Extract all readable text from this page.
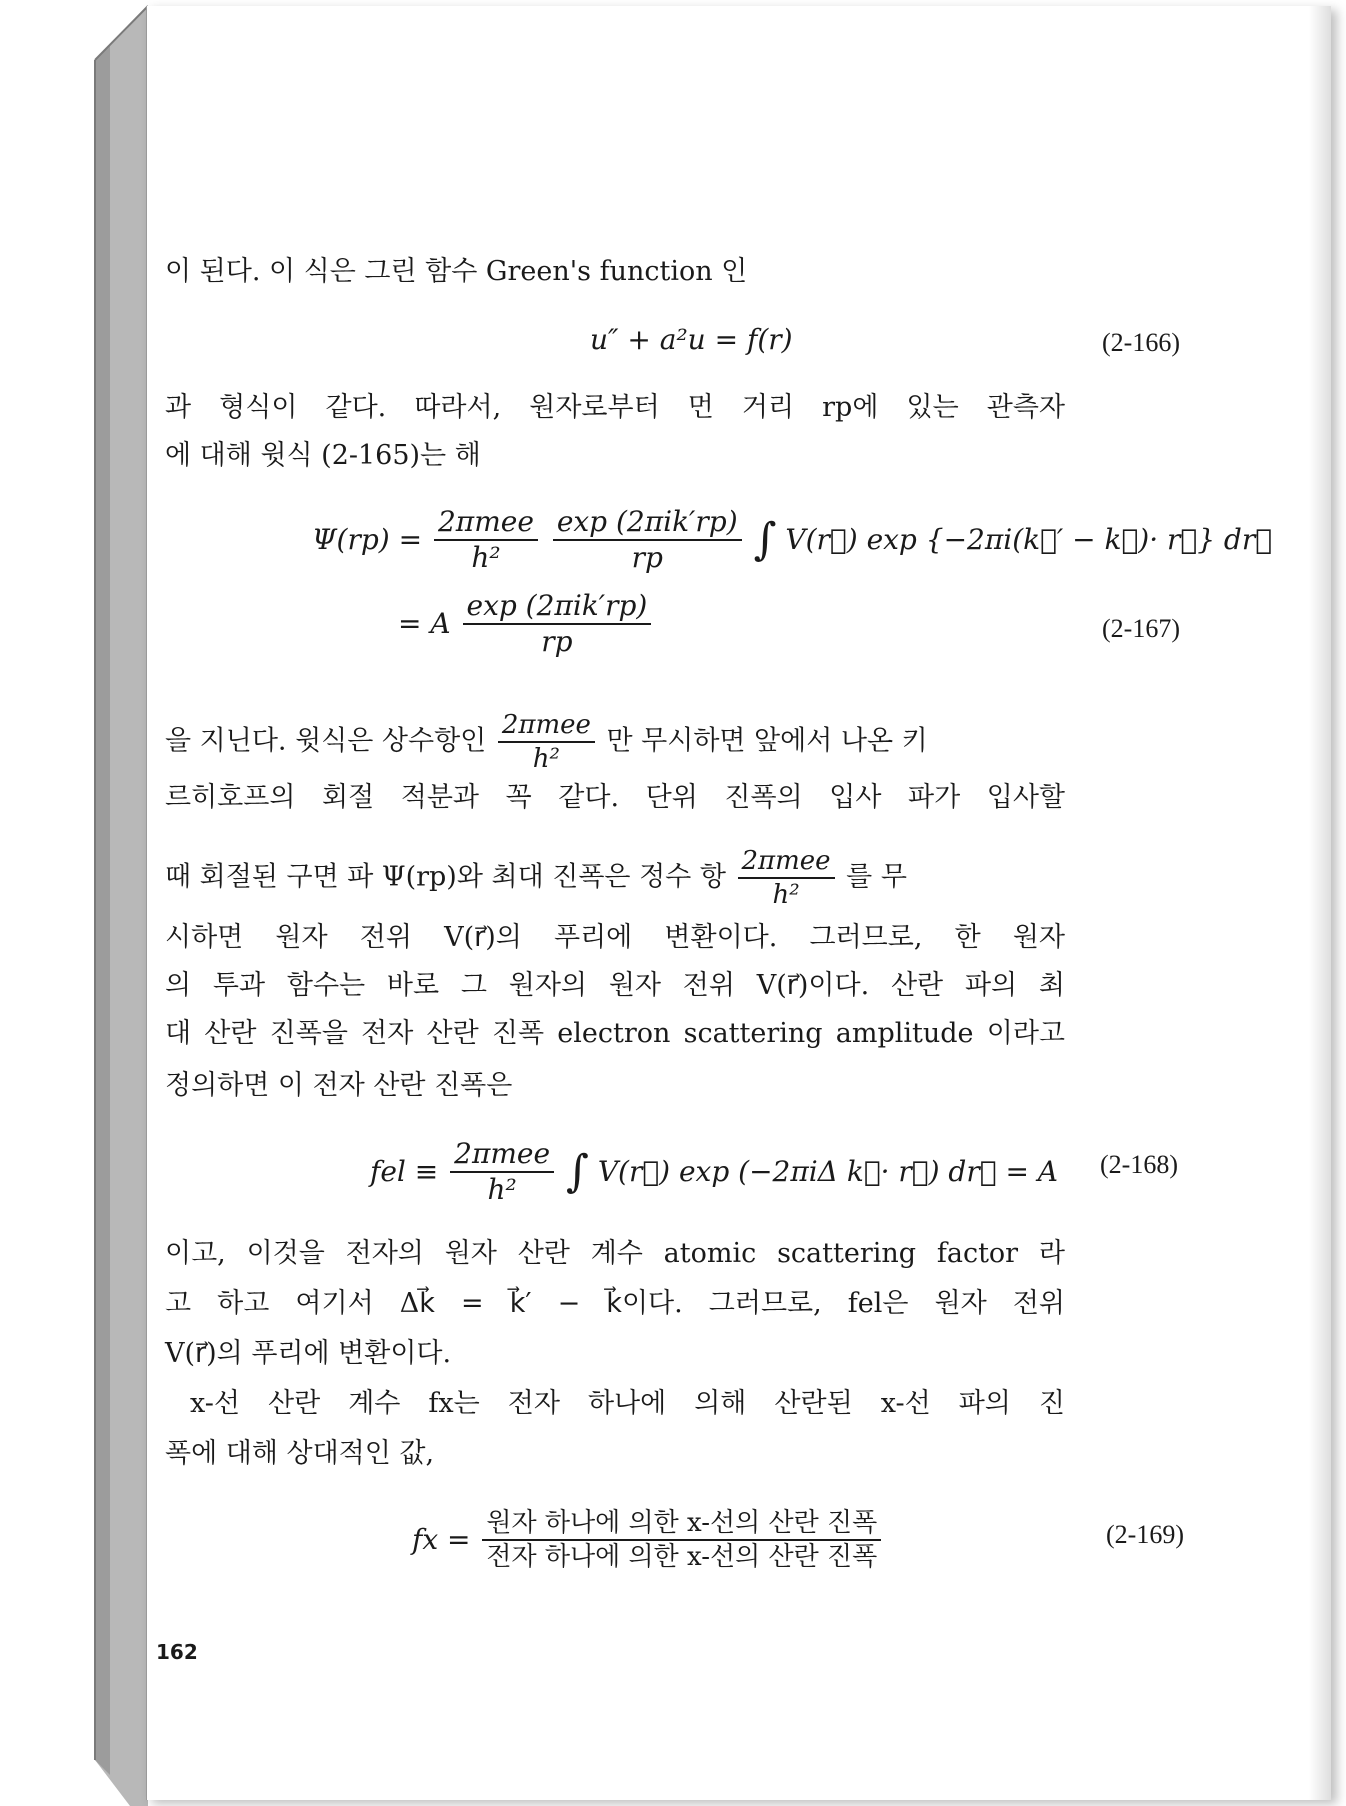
이 된다. 이 식은 그린 함수 Green's function 인
u″ + a²u = f(r)	(2-166)
과 형식이 같다. 따라서, 원자로부터 먼 거리 rp에 있는 관측자
에 대해 윗식 (2-165)는 해
$\Psi(rp) = \frac{\text{2πmee}}{\text{h²}}$
$\frac{\text{exp (2πik′rp)}}{rp}$ ∫ V(r⃗) exp {−2πi(k⃗′ − k⃗)· r⃗} dr⃗
= A $\frac{\text{exp (2πik′rp)}}{rp}$	(2-167)
을 지닌다. 윗식은 상수항인 $\frac{\text{2πmee}}{\text{h²}}$ 만 무시하면 앞에서 나온 키
르히호프의 회절 적분과 꼭 같다. 단위 진폭의 입사 파가 입사할
때 회절된 구면 파 Ψ(rp)와 최대 진폭은 정수 항 $\frac{\text{2πmee}}{\text{h²}}$ 를 무
시하면 원자 전위 V(r⃗)의 푸리에 변환이다. 그러므로, 한 원자
의 투과 함수는 바로 그 원자의 원자 전위 V(r⃗)이다. 산란 파의 최
대 산란 진폭을 전자 산란 진폭 electron scattering amplitude 이라고
정의하면 이 전자 산란 진폭은
fel ≡ $\frac{\text{2πmee}}{\text{h²}}$ ∫ V(r⃗) exp (−2πiΔ k⃗· r⃗) dr⃗ = A (2-168)
이고, 이것을 전자의 원자 산란 계수 atomic scattering factor 라
고 하고 여기서 Δk⃗ = k⃗′ − k⃗이다. 그러므로, fel은 원자 전위
V(r⃗)의 푸리에 변환이다.
x-선 산란 계수 fx는 전자 하나에 의해 산란된 x-선 파의 진
폭에 대해 상대적인 값,
fx = $\frac{\text{원자 하나에 의한 x-선의 산란 진폭}}{\text{전자 하나에 의한 x-선의 산란 진폭}}$	(2-169)
162
